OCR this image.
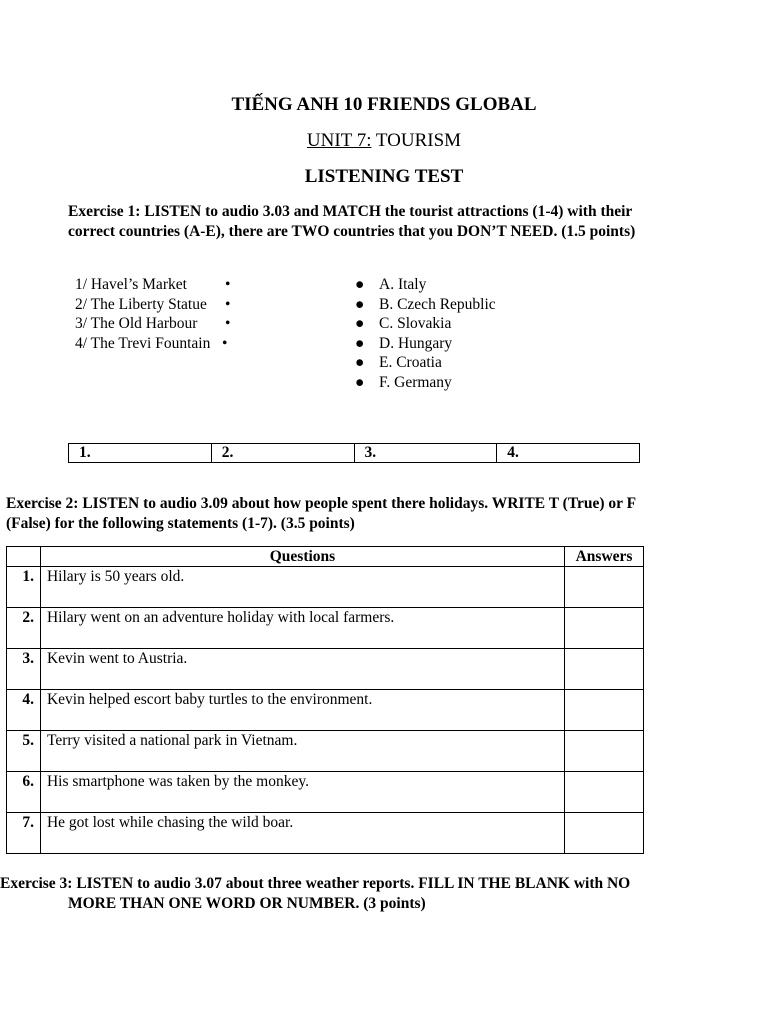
TIẾNG ANH 10 FRIENDS GLOBAL
UNIT 7: TOURISM
LISTENING TEST
Exercise 1: LISTEN to audio 3.03 and MATCH the tourist attractions (1-4) with their
correct countries (A-E), there are TWO countries that you DON’T NEED. (1.5 points)
1/ Havel’s Market •
2/ The Liberty Statue •
3/ The Old Harbour •
4/ The Trevi Fountain •
● A. Italy
● B. Czech Republic
● C. Slovakia
● D. Hungary
● E. Croatia
● F. Germany
1.	2.	3.	4.
Exercise 2: LISTEN to audio 3.09 about how people spent there holidays. WRITE T (True) or F
(False) for the following statements (1-7). (3.5 points)
	Questions	Answers
1.	Hilary is 50 years old.	
2.	Hilary went on an adventure holiday with local farmers.	
3.	Kevin went to Austria.	
4.	Kevin helped escort baby turtles to the environment.	
5.	Terry visited a national park in Vietnam.	
6.	His smartphone was taken by the monkey.	
7.	He got lost while chasing the wild boar.	
Exercise 3: LISTEN to audio 3.07 about three weather reports. FILL IN THE BLANK with NO
MORE THAN ONE WORD OR NUMBER. (3 points)
